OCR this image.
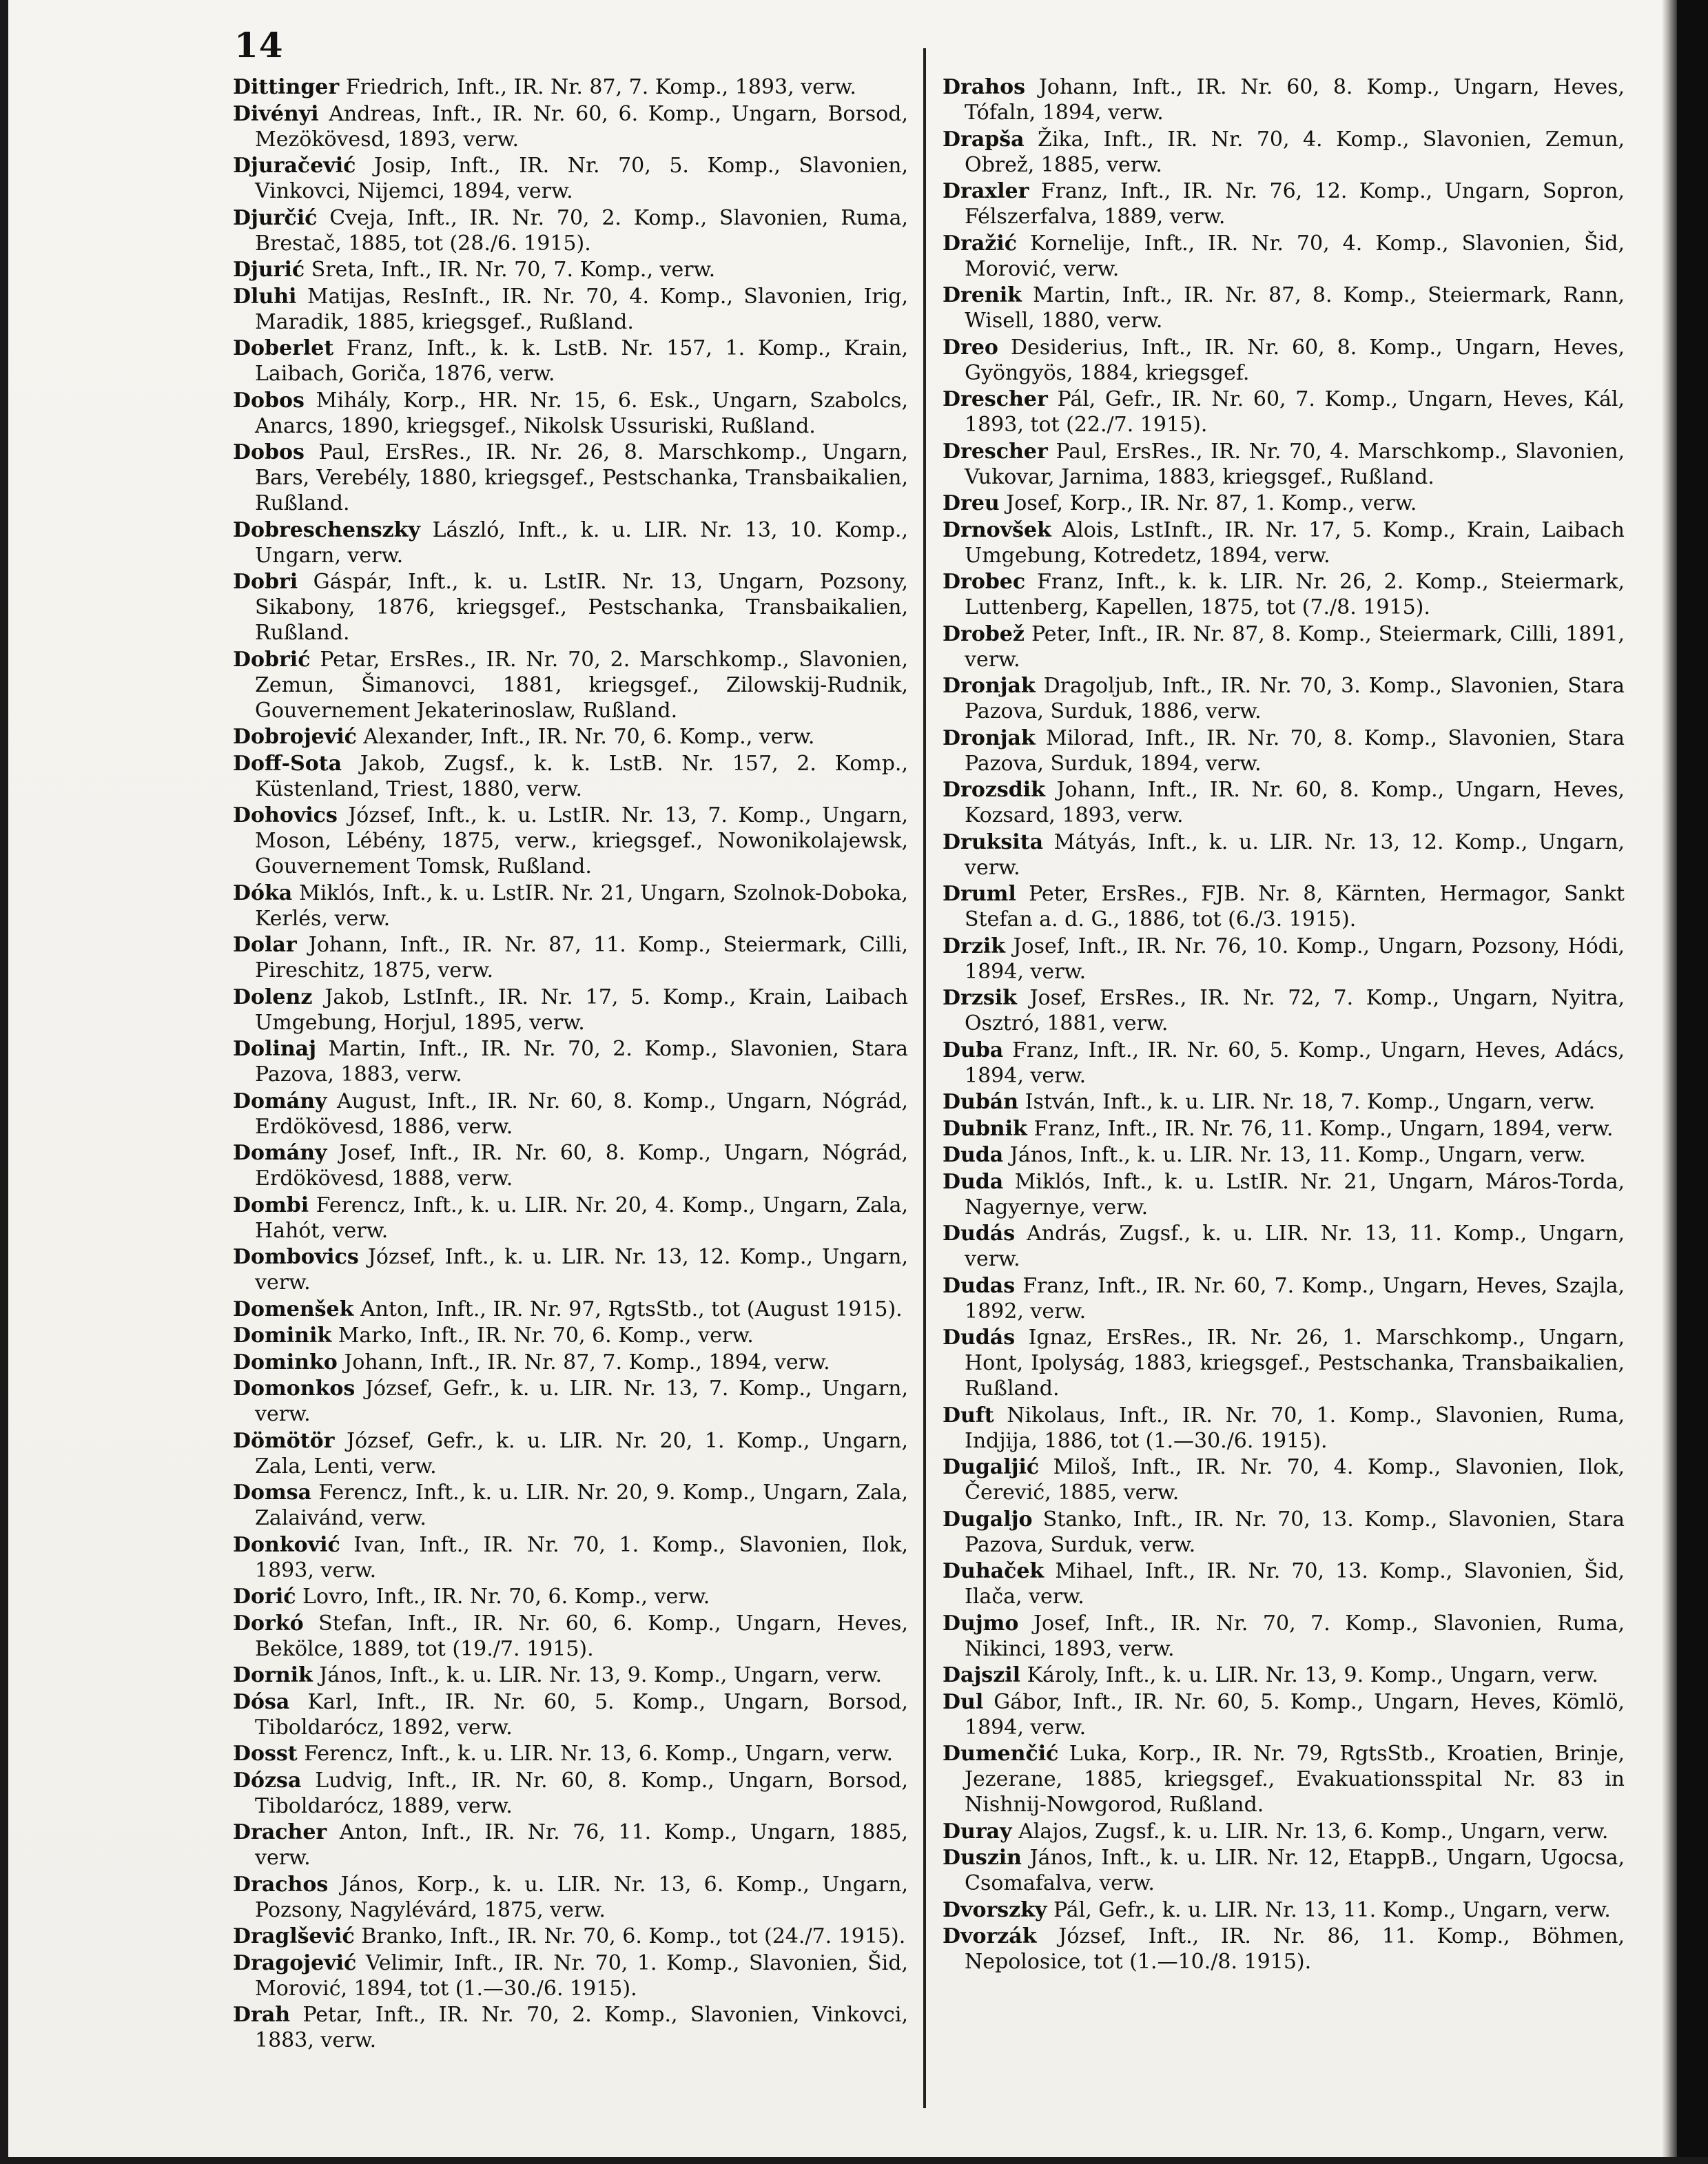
14

Dittinger Friedrich, Inft., IR. Nr. 87, 7. Komp., 1893, verw.

Divényi Andreas, Inft., IR. Nr. 60, 6. Komp., Ungarn, Borsod, Mezökövesd, 1893, verw.

Djuračević Josip, Inft., IR. Nr. 70, 5. Komp., Slavonien, Vinkovci, Nijemci, 1894, verw.

Djurčić Cveja, Inft., IR. Nr. 70, 2. Komp., Slavonien, Ruma, Brestač, 1885, tot (28./6. 1915).

Djurić Sreta, Inft., IR. Nr. 70, 7. Komp., verw.

Dluhi Matijas, ResInft., IR. Nr. 70, 4. Komp., Slavonien, Irig, Maradik, 1885, kriegsgef., Rußland.

Doberlet Franz, Inft., k. k. LstB. Nr. 157, 1. Komp., Krain, Laibach, Goriča, 1876, verw.

Dobos Mihály, Korp., HR. Nr. 15, 6. Esk., Ungarn, Szabolcs, Anarcs, 1890, kriegsgef., Nikolsk Ussuriski, Rußland.

Dobos Paul, ErsRes., IR. Nr. 26, 8. Marschkomp., Ungarn, Bars, Verebély, 1880, kriegsgef., Pestschanka, Transbaikalien, Rußland.

Dobreschenszky László, Inft., k. u. LIR. Nr. 13, 10. Komp., Ungarn, verw.

Dobri Gáspár, Inft., k. u. LstIR. Nr. 13, Ungarn, Pozsony, Sikabony, 1876, kriegsgef., Pestschanka, Transbaikalien, Rußland.

Dobrić Petar, ErsRes., IR. Nr. 70, 2. Marschkomp., Slavonien, Zemun, Šimanovci, 1881, kriegsgef., Zilowskij-Rudnik, Gouvernement Jekaterinoslaw, Rußland.

Dobrojević Alexander, Inft., IR. Nr. 70, 6. Komp., verw.

Doff-Sota Jakob, Zugsf., k. k. LstB. Nr. 157, 2. Komp., Küstenland, Triest, 1880, verw.

Dohovics József, Inft., k. u. LstIR. Nr. 13, 7. Komp., Ungarn, Moson, Lébény, 1875, verw., kriegsgef., Nowonikolajewsk, Gouvernement Tomsk, Rußland.

Dóka Miklós, Inft., k. u. LstIR. Nr. 21, Ungarn, Szolnok-Doboka, Kerlés, verw.

Dolar Johann, Inft., IR. Nr. 87, 11. Komp., Steiermark, Cilli, Pireschitz, 1875, verw.

Dolenz Jakob, LstInft., IR. Nr. 17, 5. Komp., Krain, Laibach Umgebung, Horjul, 1895, verw.

Dolinaj Martin, Inft., IR. Nr. 70, 2. Komp., Slavonien, Stara Pazova, 1883, verw.

Domány August, Inft., IR. Nr. 60, 8. Komp., Ungarn, Nógrád, Erdökövesd, 1886, verw.

Domány Josef, Inft., IR. Nr. 60, 8. Komp., Ungarn, Nógrád, Erdökövesd, 1888, verw.

Dombi Ferencz, Inft., k. u. LIR. Nr. 20, 4. Komp., Ungarn, Zala, Hahót, verw.

Dombovics József, Inft., k. u. LIR. Nr. 13, 12. Komp., Ungarn, verw.

Domenšek Anton, Inft., IR. Nr. 97, RgtsStb., tot (August 1915).

Dominik Marko, Inft., IR. Nr. 70, 6. Komp., verw.

Dominko Johann, Inft., IR. Nr. 87, 7. Komp., 1894, verw.

Domonkos József, Gefr., k. u. LIR. Nr. 13, 7. Komp., Ungarn, verw.

Dömötör József, Gefr., k. u. LIR. Nr. 20, 1. Komp., Ungarn, Zala, Lenti, verw.

Domsa Ferencz, Inft., k. u. LIR. Nr. 20, 9. Komp., Ungarn, Zala, Zalaivánd, verw.

Donković Ivan, Inft., IR. Nr. 70, 1. Komp., Slavonien, Ilok, 1893, verw.

Dorić Lovro, Inft., IR. Nr. 70, 6. Komp., verw.

Dorkó Stefan, Inft., IR. Nr. 60, 6. Komp., Ungarn, Heves, Bekölce, 1889, tot (19./7. 1915).

Dornik János, Inft., k. u. LIR. Nr. 13, 9. Komp., Ungarn, verw.

Dósa Karl, Inft., IR. Nr. 60, 5. Komp., Ungarn, Borsod, Tiboldarócz, 1892, verw.

Dosst Ferencz, Inft., k. u. LIR. Nr. 13, 6. Komp., Ungarn, verw.

Dózsa Ludvig, Inft., IR. Nr. 60, 8. Komp., Ungarn, Borsod, Tiboldarócz, 1889, verw.

Dracher Anton, Inft., IR. Nr. 76, 11. Komp., Ungarn, 1885, verw.

Drachos János, Korp., k. u. LIR. Nr. 13, 6. Komp., Ungarn, Pozsony, Nagylévárd, 1875, verw.

Draglšević Branko, Inft., IR. Nr. 70, 6. Komp., tot (24./7. 1915).

Dragojević Velimir, Inft., IR. Nr. 70, 1. Komp., Slavonien, Šid, Morović, 1894, tot (1.—30./6. 1915).

Drah Petar, Inft., IR. Nr. 70, 2. Komp., Slavonien, Vinkovci, 1883, verw.

Drahos Johann, Inft., IR. Nr. 60, 8. Komp., Ungarn, Heves, Tófaln, 1894, verw.

Drapša Žika, Inft., IR. Nr. 70, 4. Komp., Slavonien, Zemun, Obrež, 1885, verw.

Draxler Franz, Inft., IR. Nr. 76, 12. Komp., Ungarn, Sopron, Félszerfalva, 1889, verw.

Dražić Kornelije, Inft., IR. Nr. 70, 4. Komp., Slavonien, Šid, Morović, verw.

Drenik Martin, Inft., IR. Nr. 87, 8. Komp., Steiermark, Rann, Wisell, 1880, verw.

Dreo Desiderius, Inft., IR. Nr. 60, 8. Komp., Ungarn, Heves, Gyöngyös, 1884, kriegsgef.

Drescher Pál, Gefr., IR. Nr. 60, 7. Komp., Ungarn, Heves, Kál, 1893, tot (22./7. 1915).

Drescher Paul, ErsRes., IR. Nr. 70, 4. Marschkomp., Slavonien, Vukovar, Jarnima, 1883, kriegsgef., Rußland.

Dreu Josef, Korp., IR. Nr. 87, 1. Komp., verw.

Drnovšek Alois, LstInft., IR. Nr. 17, 5. Komp., Krain, Laibach Umgebung, Kotredetz, 1894, verw.

Drobec Franz, Inft., k. k. LIR. Nr. 26, 2. Komp., Steiermark, Luttenberg, Kapellen, 1875, tot (7./8. 1915).

Drobež Peter, Inft., IR. Nr. 87, 8. Komp., Steiermark, Cilli, 1891, verw.

Dronjak Dragoljub, Inft., IR. Nr. 70, 3. Komp., Slavonien, Stara Pazova, Surduk, 1886, verw.

Dronjak Milorad, Inft., IR. Nr. 70, 8. Komp., Slavonien, Stara Pazova, Surduk, 1894, verw.

Drozsdik Johann, Inft., IR. Nr. 60, 8. Komp., Ungarn, Heves, Kozsard, 1893, verw.

Druksita Mátyás, Inft., k. u. LIR. Nr. 13, 12. Komp., Ungarn, verw.

Druml Peter, ErsRes., FJB. Nr. 8, Kärnten, Hermagor, Sankt Stefan a. d. G., 1886, tot (6./3. 1915).

Drzik Josef, Inft., IR. Nr. 76, 10. Komp., Ungarn, Pozsony, Hódi, 1894, verw.

Drzsik Josef, ErsRes., IR. Nr. 72, 7. Komp., Ungarn, Nyitra, Osztró, 1881, verw.

Duba Franz, Inft., IR. Nr. 60, 5. Komp., Ungarn, Heves, Adács, 1894, verw.

Dubán István, Inft., k. u. LIR. Nr. 18, 7. Komp., Ungarn, verw.

Dubnik Franz, Inft., IR. Nr. 76, 11. Komp., Ungarn, 1894, verw.

Duda János, Inft., k. u. LIR. Nr. 13, 11. Komp., Ungarn, verw.

Duda Miklós, Inft., k. u. LstIR. Nr. 21, Ungarn, Máros-Torda, Nagyernye, verw.

Dudás András, Zugsf., k. u. LIR. Nr. 13, 11. Komp., Ungarn, verw.

Dudas Franz, Inft., IR. Nr. 60, 7. Komp., Ungarn, Heves, Szajla, 1892, verw.

Dudás Ignaz, ErsRes., IR. Nr. 26, 1. Marschkomp., Ungarn, Hont, Ipolyság, 1883, kriegsgef., Pestschanka, Transbaikalien, Rußland.

Duft Nikolaus, Inft., IR. Nr. 70, 1. Komp., Slavonien, Ruma, Indjija, 1886, tot (1.—30./6. 1915).

Dugaljić Miloš, Inft., IR. Nr. 70, 4. Komp., Slavonien, Ilok, Čerević, 1885, verw.

Dugaljo Stanko, Inft., IR. Nr. 70, 13. Komp., Slavonien, Stara Pazova, Surduk, verw.

Duhaček Mihael, Inft., IR. Nr. 70, 13. Komp., Slavonien, Šid, Ilača, verw.

Dujmo Josef, Inft., IR. Nr. 70, 7. Komp., Slavonien, Ruma, Nikinci, 1893, verw.

Dajszil Károly, Inft., k. u. LIR. Nr. 13, 9. Komp., Ungarn, verw.

Dul Gábor, Inft., IR. Nr. 60, 5. Komp., Ungarn, Heves, Kömlö, 1894, verw.

Dumenčić Luka, Korp., IR. Nr. 79, RgtsStb., Kroatien, Brinje, Jezerane, 1885, kriegsgef., Evakuationsspital Nr. 83 in Nishnij-Nowgorod, Rußland.

Duray Alajos, Zugsf., k. u. LIR. Nr. 13, 6. Komp., Ungarn, verw.

Duszin János, Inft., k. u. LIR. Nr. 12, EtappB., Ungarn, Ugocsa, Csomafalva, verw.

Dvorszky Pál, Gefr., k. u. LIR. Nr. 13, 11. Komp., Ungarn, verw.

Dvorzák József, Inft., IR. Nr. 86, 11. Komp., Böhmen, Nepolosice, tot (1.—10./8. 1915).
